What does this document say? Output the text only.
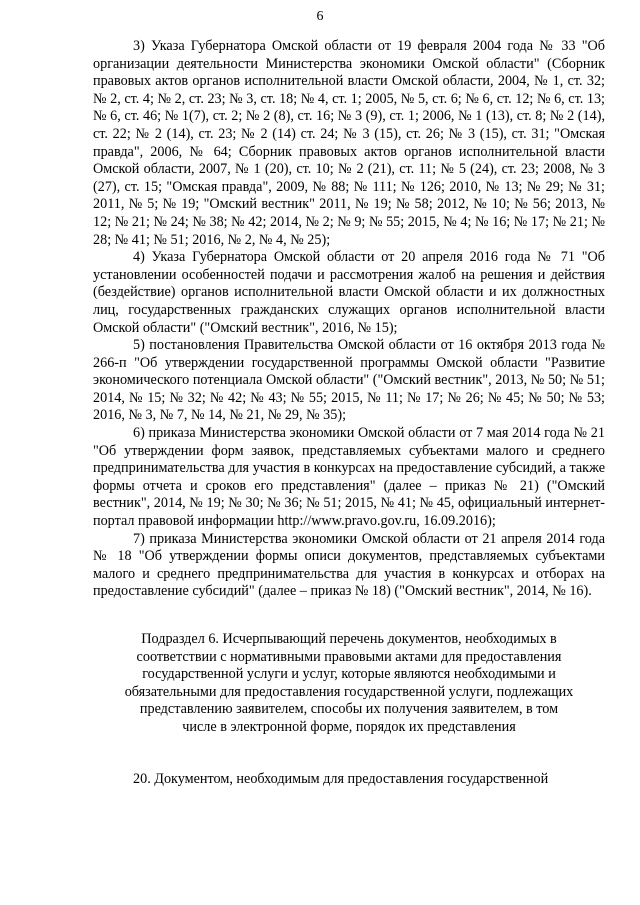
6

3) Указа Губернатора Омской области от 19 февраля 2004 года № 33 "Об организации деятельности Министерства экономики Омской области" (Сборник правовых актов органов исполнительной власти Омской области, 2004, № 1, ст. 32; № 2, ст. 4; № 2, ст. 23; № 3, ст. 18; № 4, ст. 1; 2005, № 5, ст. 6; № 6, ст. 12; № 6, ст. 13; № 6, ст. 46; № 1(7), ст. 2; № 2 (8), ст. 16; № 3 (9), ст. 1; 2006, № 1 (13), ст. 8; № 2 (14), ст. 22; № 2 (14), ст. 23; № 2 (14) ст. 24; № 3 (15), ст. 26; № 3 (15), ст. 31; "Омская правда", 2006, № 64; Сборник правовых актов органов исполнительной власти Омской области, 2007, № 1 (20), ст. 10; № 2 (21), ст. 11; № 5 (24), ст. 23; 2008, № 3 (27), ст. 15; "Омская правда", 2009, № 88; № 111; № 126; 2010, № 13; № 29; № 31; 2011, № 5; № 19; "Омский вестник" 2011, № 19; № 58; 2012, № 10; № 56; 2013, № 12; № 21; № 24; № 38; № 42; 2014, № 2; № 9; № 55; 2015, № 4; № 16; № 17; № 21; № 28; № 41; № 51; 2016, № 2, № 4, № 25);

4) Указа Губернатора Омской области от 20 апреля 2016 года № 71 "Об установлении особенностей подачи и рассмотрения жалоб на решения и действия (бездействие) органов исполнительной власти Омской области и их должностных лиц, государственных гражданских служащих органов исполнительной власти Омской области" ("Омский вестник", 2016, № 15);

5) постановления Правительства Омской области от 16 октября 2013 года № 266-п "Об утверждении государственной программы Омской области "Развитие экономического потенциала Омской области" ("Омский вестник", 2013, № 50; № 51; 2014, № 15; № 32; № 42; № 43; № 55; 2015, № 11; № 17; № 26; № 45; № 50; № 53; 2016, № 3, № 7, № 14, № 21, № 29, № 35);

6) приказа Министерства экономики Омской области от 7 мая 2014 года № 21 "Об утверждении форм заявок, представляемых субъектами малого и среднего предпринимательства для участия в конкурсах на предоставление субсидий, а также формы отчета и сроков его представления" (далее – приказ № 21) ("Омский вестник", 2014, № 19; № 30; № 36; № 51; 2015, № 41; № 45, официальный интернет-портал правовой информации http://www.pravo.gov.ru, 16.09.2016);

7) приказа Министерства экономики Омской области от 21 апреля 2014 года № 18 "Об утверждении формы описи документов, представляемых субъектами малого и среднего предпринимательства для участия в конкурсах и отборах на предоставление субсидий" (далее – приказ № 18) ("Омский вестник", 2014, № 16).

Подраздел 6. Исчерпывающий перечень документов, необходимых в соответствии с нормативными правовыми актами для предоставления государственной услуги и услуг, которые являются необходимыми и обязательными для предоставления государственной услуги, подлежащих представлению заявителем, способы их получения заявителем, в том числе в электронной форме, порядок их представления

20. Документом, необходимым для предоставления государственной
